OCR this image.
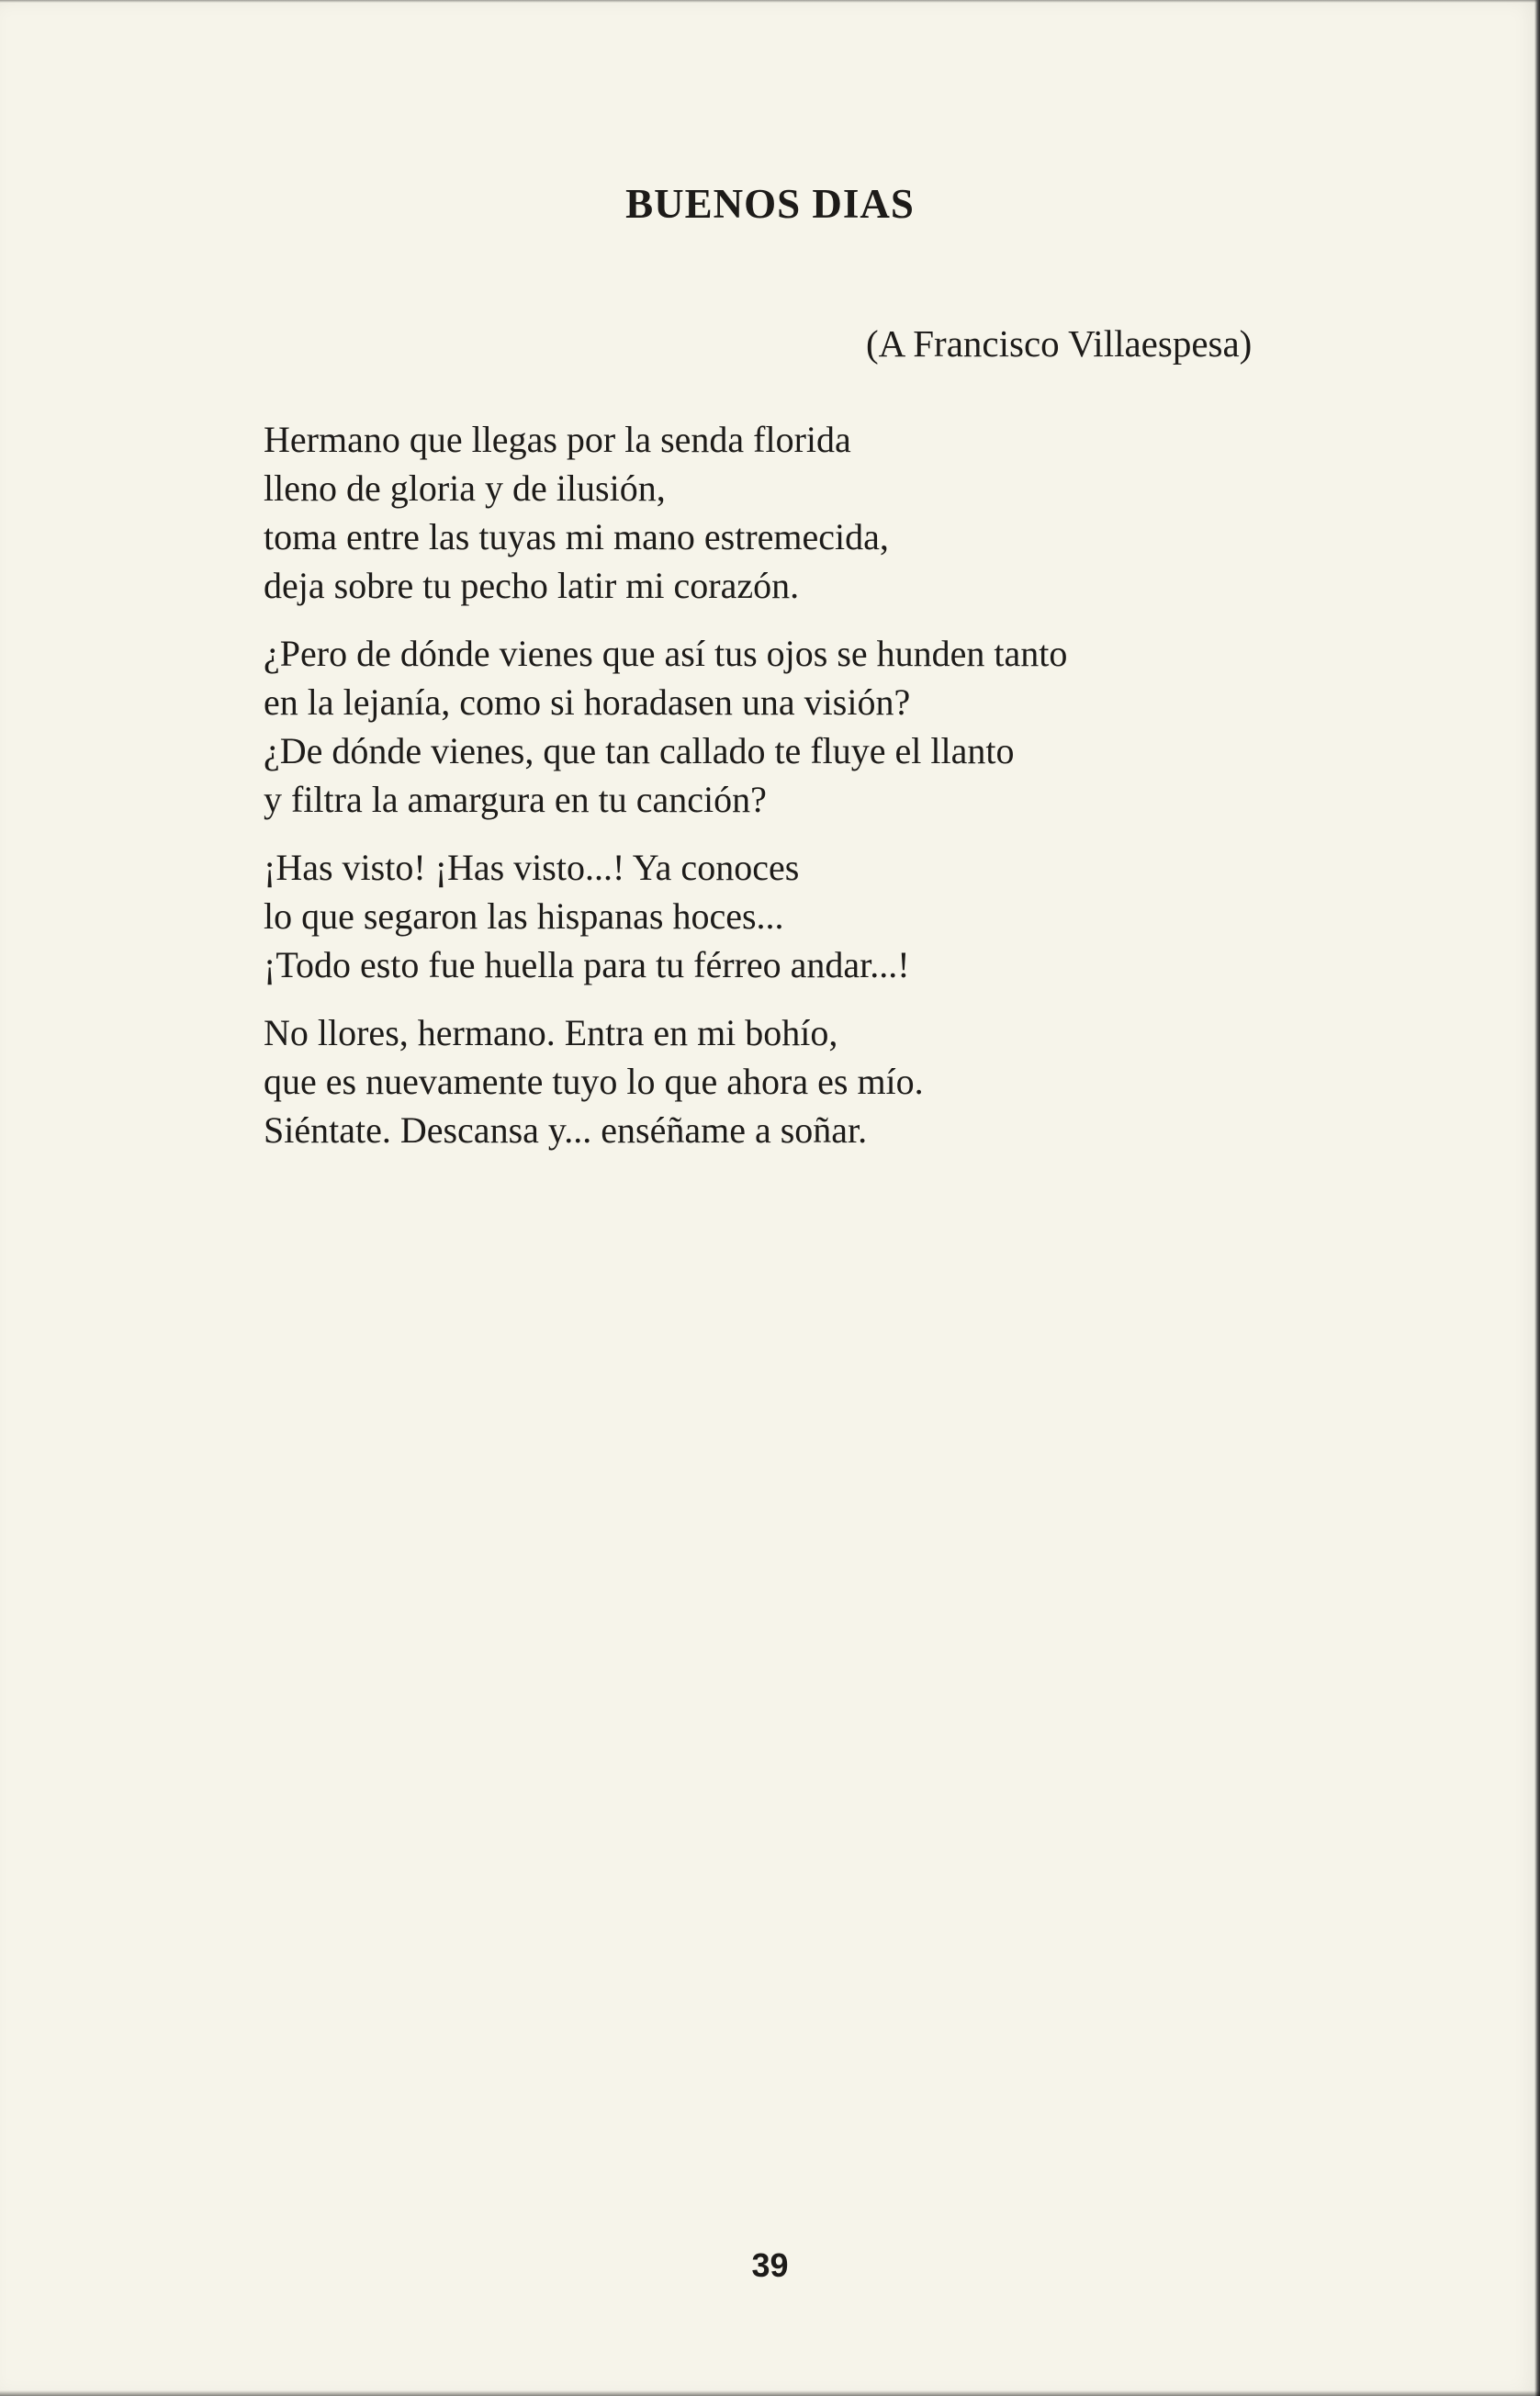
BUENOS DIAS
(A Francisco Villaespesa)
Hermano que llegas por la senda florida
lleno de gloria y de ilusión,
toma entre las tuyas mi mano estremecida,
deja sobre tu pecho latir mi corazón.
¿Pero de dónde vienes que así tus ojos se hunden tanto
en la lejanía, como si horadasen una visión?
¿De dónde vienes, que tan callado te fluye el llanto
y filtra la amargura en tu canción?
¡Has visto! ¡Has visto...! Ya conoces
lo que segaron las hispanas hoces...
¡Todo esto fue huella para tu férreo andar...!
No llores, hermano. Entra en mi bohío,
que es nuevamente tuyo lo que ahora es mío.
Siéntate. Descansa y... enséñame a soñar.
39
